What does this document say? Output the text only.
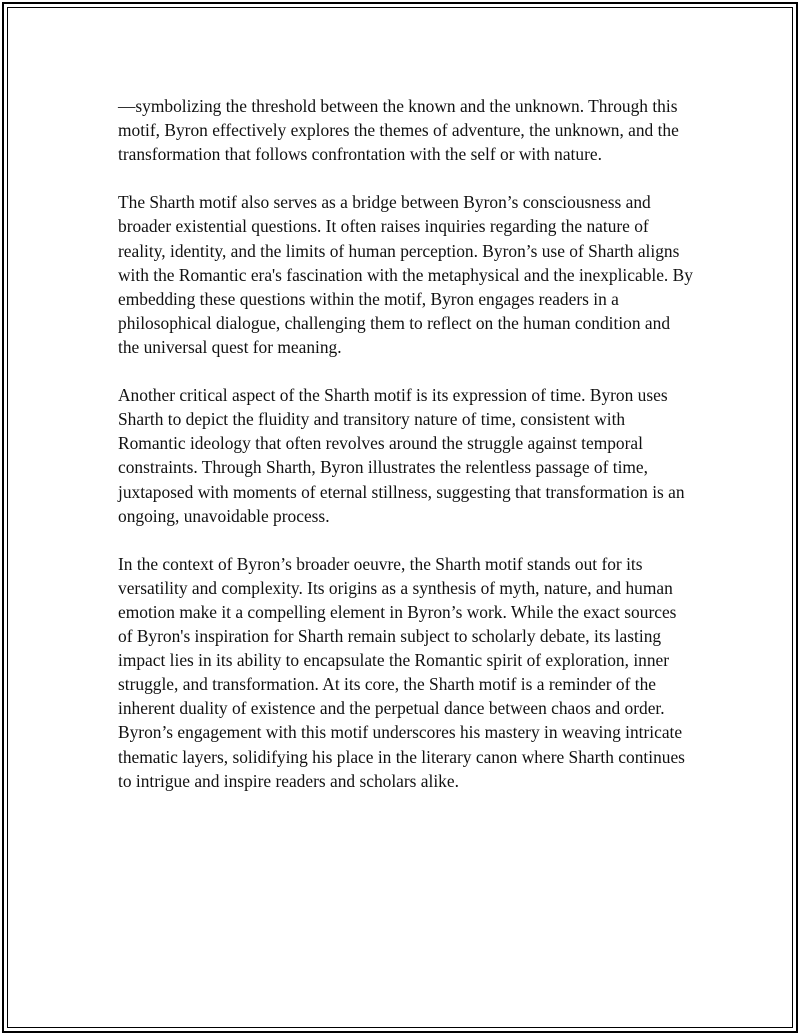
—symbolizing the threshold between the known and the unknown. Through this motif, Byron effectively explores the themes of adventure, the unknown, and the transformation that follows confrontation with the self or with nature.

The Sharth motif also serves as a bridge between Byron’s consciousness and broader existential questions. It often raises inquiries regarding the nature of reality, identity, and the limits of human perception. Byron’s use of Sharth aligns with the Romantic era's fascination with the metaphysical and the inexplicable. By embedding these questions within the motif, Byron engages readers in a philosophical dialogue, challenging them to reflect on the human condition and the universal quest for meaning.

Another critical aspect of the Sharth motif is its expression of time. Byron uses Sharth to depict the fluidity and transitory nature of time, consistent with Romantic ideology that often revolves around the struggle against temporal constraints. Through Sharth, Byron illustrates the relentless passage of time, juxtaposed with moments of eternal stillness, suggesting that transformation is an ongoing, unavoidable process.

In the context of Byron’s broader oeuvre, the Sharth motif stands out for its versatility and complexity. Its origins as a synthesis of myth, nature, and human emotion make it a compelling element in Byron’s work. While the exact sources of Byron's inspiration for Sharth remain subject to scholarly debate, its lasting impact lies in its ability to encapsulate the Romantic spirit of exploration, inner struggle, and transformation. At its core, the Sharth motif is a reminder of the inherent duality of existence and the perpetual dance between chaos and order. Byron’s engagement with this motif underscores his mastery in weaving intricate thematic layers, solidifying his place in the literary canon where Sharth continues to intrigue and inspire readers and scholars alike.
